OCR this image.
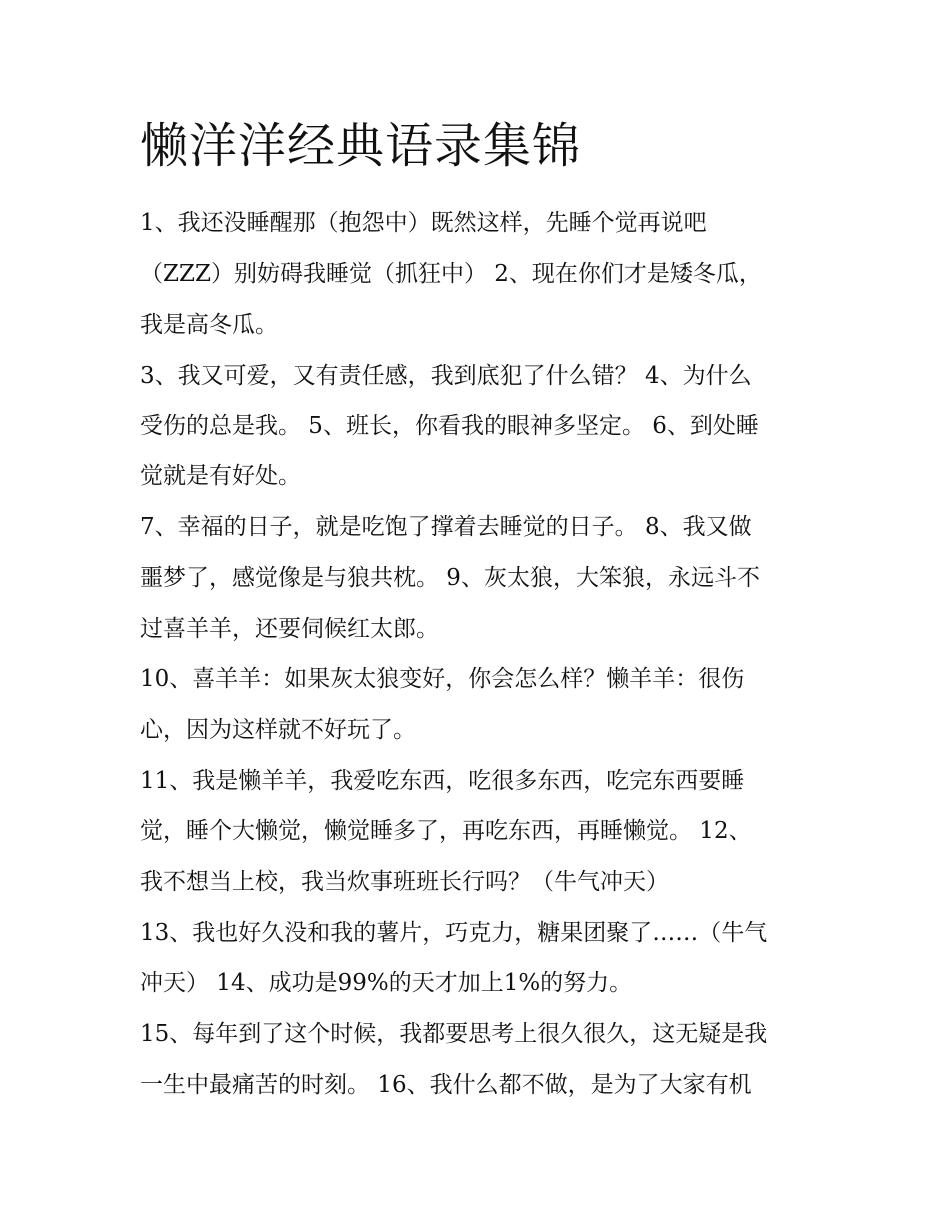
懒洋洋经典语录集锦

1、我还没睡醒那（抱怨中）既然这样，先睡个觉再说吧

（ZZZ）别妨碍我睡觉（抓狂中） 2、现在你们才是矮冬瓜，

我是高冬瓜。

3、我又可爱，又有责任感，我到底犯了什么错？ 4、为什么

受伤的总是我。 5、班长，你看我的眼神多坚定。 6、到处睡

觉就是有好处。

7、幸福的日子，就是吃饱了撑着去睡觉的日子。 8、我又做

噩梦了，感觉像是与狼共枕。 9、灰太狼，大笨狼，永远斗不

过喜羊羊，还要伺候红太郎。

10、喜羊羊：如果灰太狼变好，你会怎么样？懒羊羊：很伤

心，因为这样就不好玩了。

11、我是懒羊羊，我爱吃东西，吃很多东西，吃完东西要睡

觉，睡个大懒觉，懒觉睡多了，再吃东西，再睡懒觉。 12、

我不想当上校，我当炊事班班长行吗？（牛气冲天）

13、我也好久没和我的薯片，巧克力，糖果团聚了……（牛气

冲天） 14、成功是99%的天才加上1%的努力。

15、每年到了这个时候，我都要思考上很久很久，这无疑是我

一生中最痛苦的时刻。 16、我什么都不做，是为了大家有机
